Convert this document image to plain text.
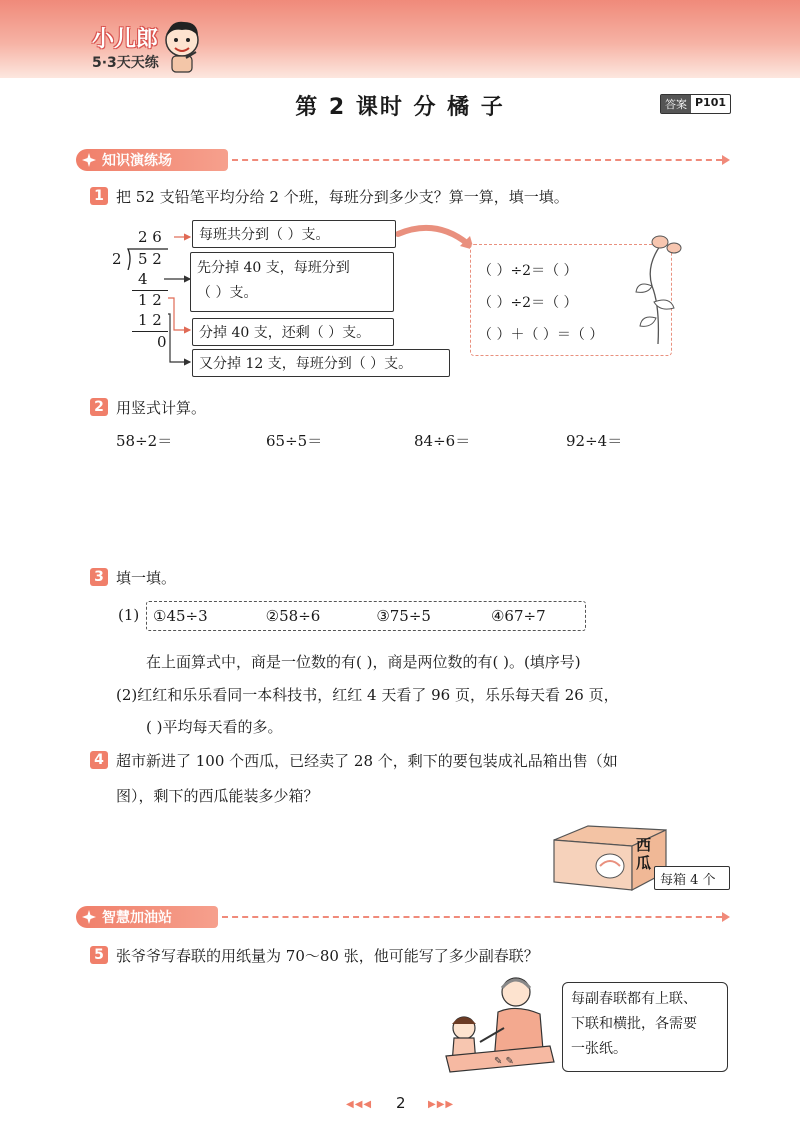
小儿郎
5·3天天练
第 2 课时 分 橘 子	答案 P101
知识演练场
1 把 52 支铅笔平均分给 2 个班，每班分到多少支？算一算，填一填。
2 6
2 5 2
4
1 2
1 2
0
每班共分到（ ）支。
先分掉 40 支，每班分到
（ ）支。
分掉 40 支，还剩（ ）支。
又分掉 12 支，每班分到（ ）支。
（ ）÷2＝（ ）
（ ）÷2＝（ ）
（ ）＋（ ）＝（ ）
2 用竖式计算。
58÷2＝	65÷5＝	84÷6＝	92÷4＝
3 填一填。
(1) ①45÷3	②58÷6	③75÷5	④67÷7
在上面算式中，商是一位数的有( )，商是两位数的有( )。(填序号)
(2)红红和乐乐看同一本科技书，红红 4 天看了 96 页，乐乐每天看 26 页，
( )平均每天看的多。
4 超市新进了 100 个西瓜，已经卖了 28 个，剩下的要包装成礼品箱出售（如
图），剩下的西瓜能装多少箱？
西瓜
每箱 4 个
智慧加油站
5 张爷爷写春联的用纸量为 70～80 张，他可能写了多少副春联？
✎ ✎
每副春联都有上联、
下联和横批，各需要
一张纸。
◀◀◀ 2 ▶▶▶
